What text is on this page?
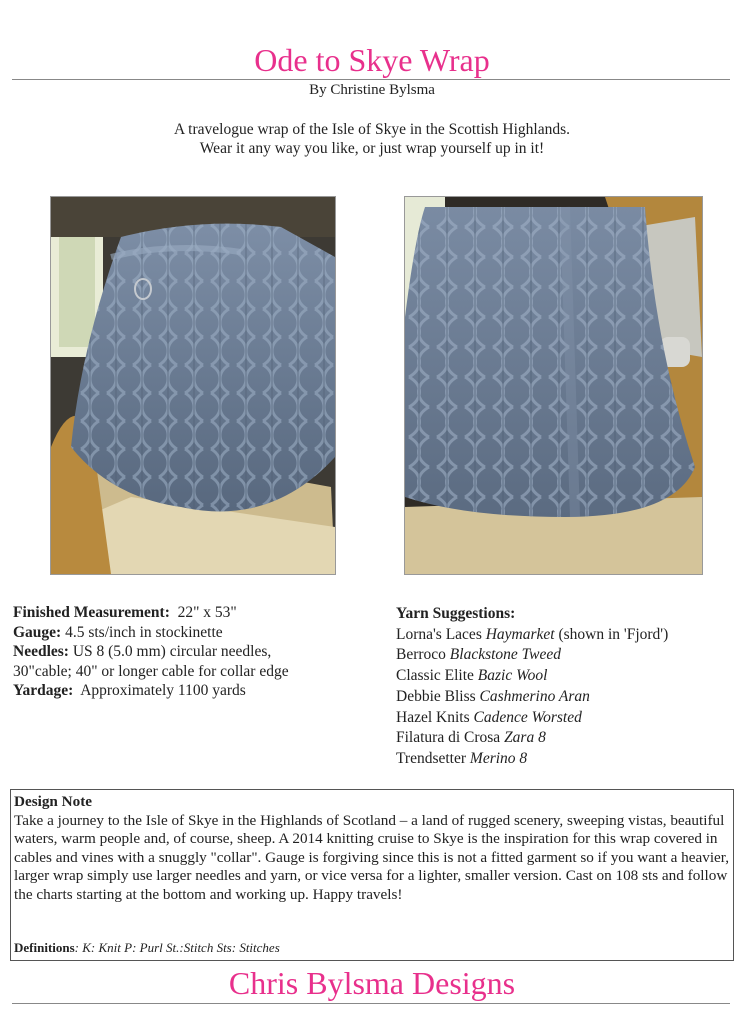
Ode to Skye Wrap
By Christine Bylsma
A travelogue wrap of the Isle of Skye in the Scottish Highlands.
Wear it any way you like, or just wrap yourself up in it!
Finished Measurement: 22" x 53"
Gauge: 4.5 sts/inch in stockinette
Needles: US 8 (5.0 mm) circular needles,
30"cable; 40" or longer cable for collar edge
Yardage: Approximately 1100 yards
Yarn Suggestions:
Lorna's Laces Haymarket (shown in 'Fjord')
Berroco Blackstone Tweed
Classic Elite Bazic Wool
Debbie Bliss Cashmerino Aran
Hazel Knits Cadence Worsted
Filatura di Crosa Zara 8
Trendsetter Merino 8
Design Note

Take a journey to the Isle of Skye in the Highlands of Scotland – a land of rugged scenery, sweeping vistas, beautiful waters, warm people and, of course, sheep. A 2014 knitting cruise to Skye is the inspiration for this wrap covered in cables and vines with a snuggly "collar". Gauge is forgiving since this is not a fitted garment so if you want a heavier, larger wrap simply use larger needles and yarn, or vice versa for a lighter, smaller version. Cast on 108 sts and follow the charts starting at the bottom and working up. Happy travels!

Definitions: K: Knit P: Purl St.:Stitch Sts: Stitches
Chris Bylsma Designs
